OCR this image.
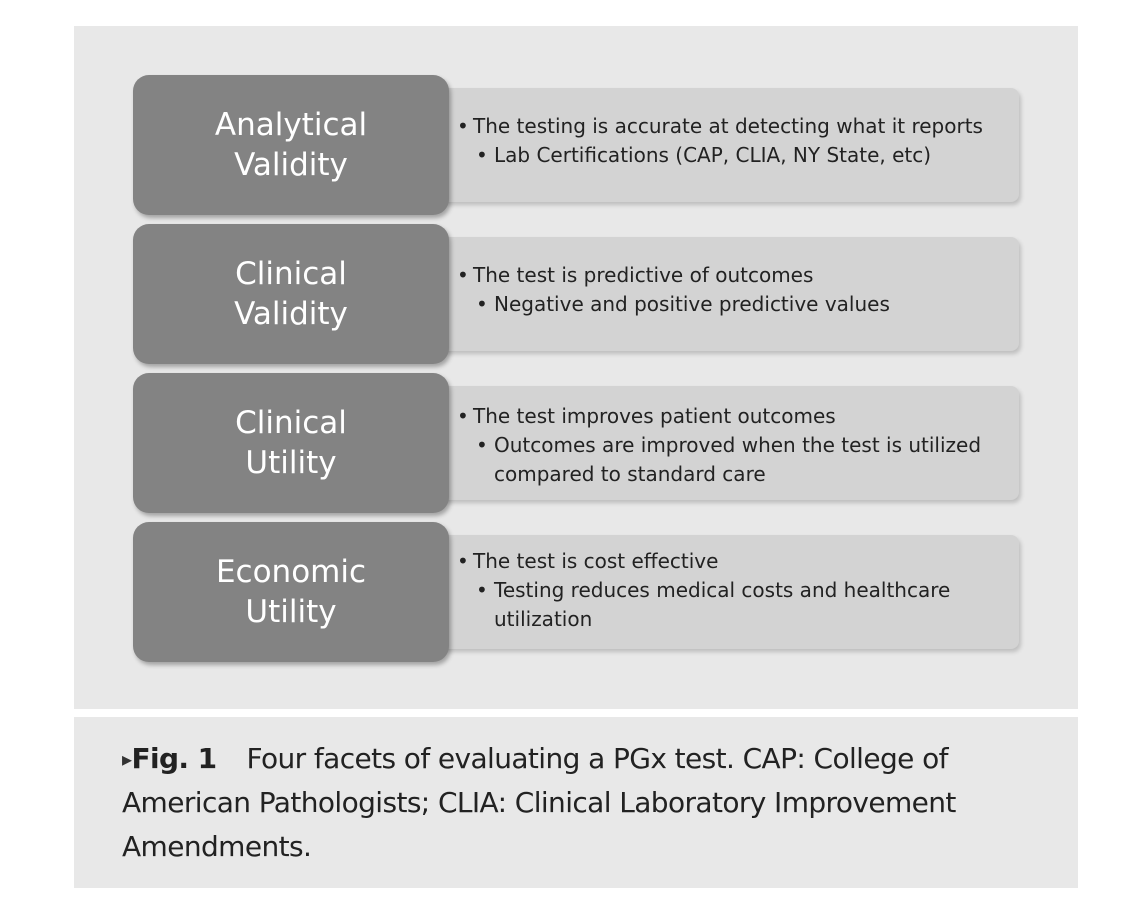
• The testing is accurate at detecting what it reports
• Lab Certifications (CAP, CLIA, NY State, etc)
Analytical
Validity
• The test is predictive of outcomes
• Negative and positive predictive values
Clinical
Validity
• The test improves patient outcomes
• Outcomes are improved when the test is utilized compared to standard care
Clinical
Utility
• The test is cost effective
• Testing reduces medical costs and healthcare utilization
Economic
Utility
▸Fig. 1 Four facets of evaluating a PGx test. CAP: College of American Pathologists; CLIA: Clinical Laboratory Improvement Amendments.
